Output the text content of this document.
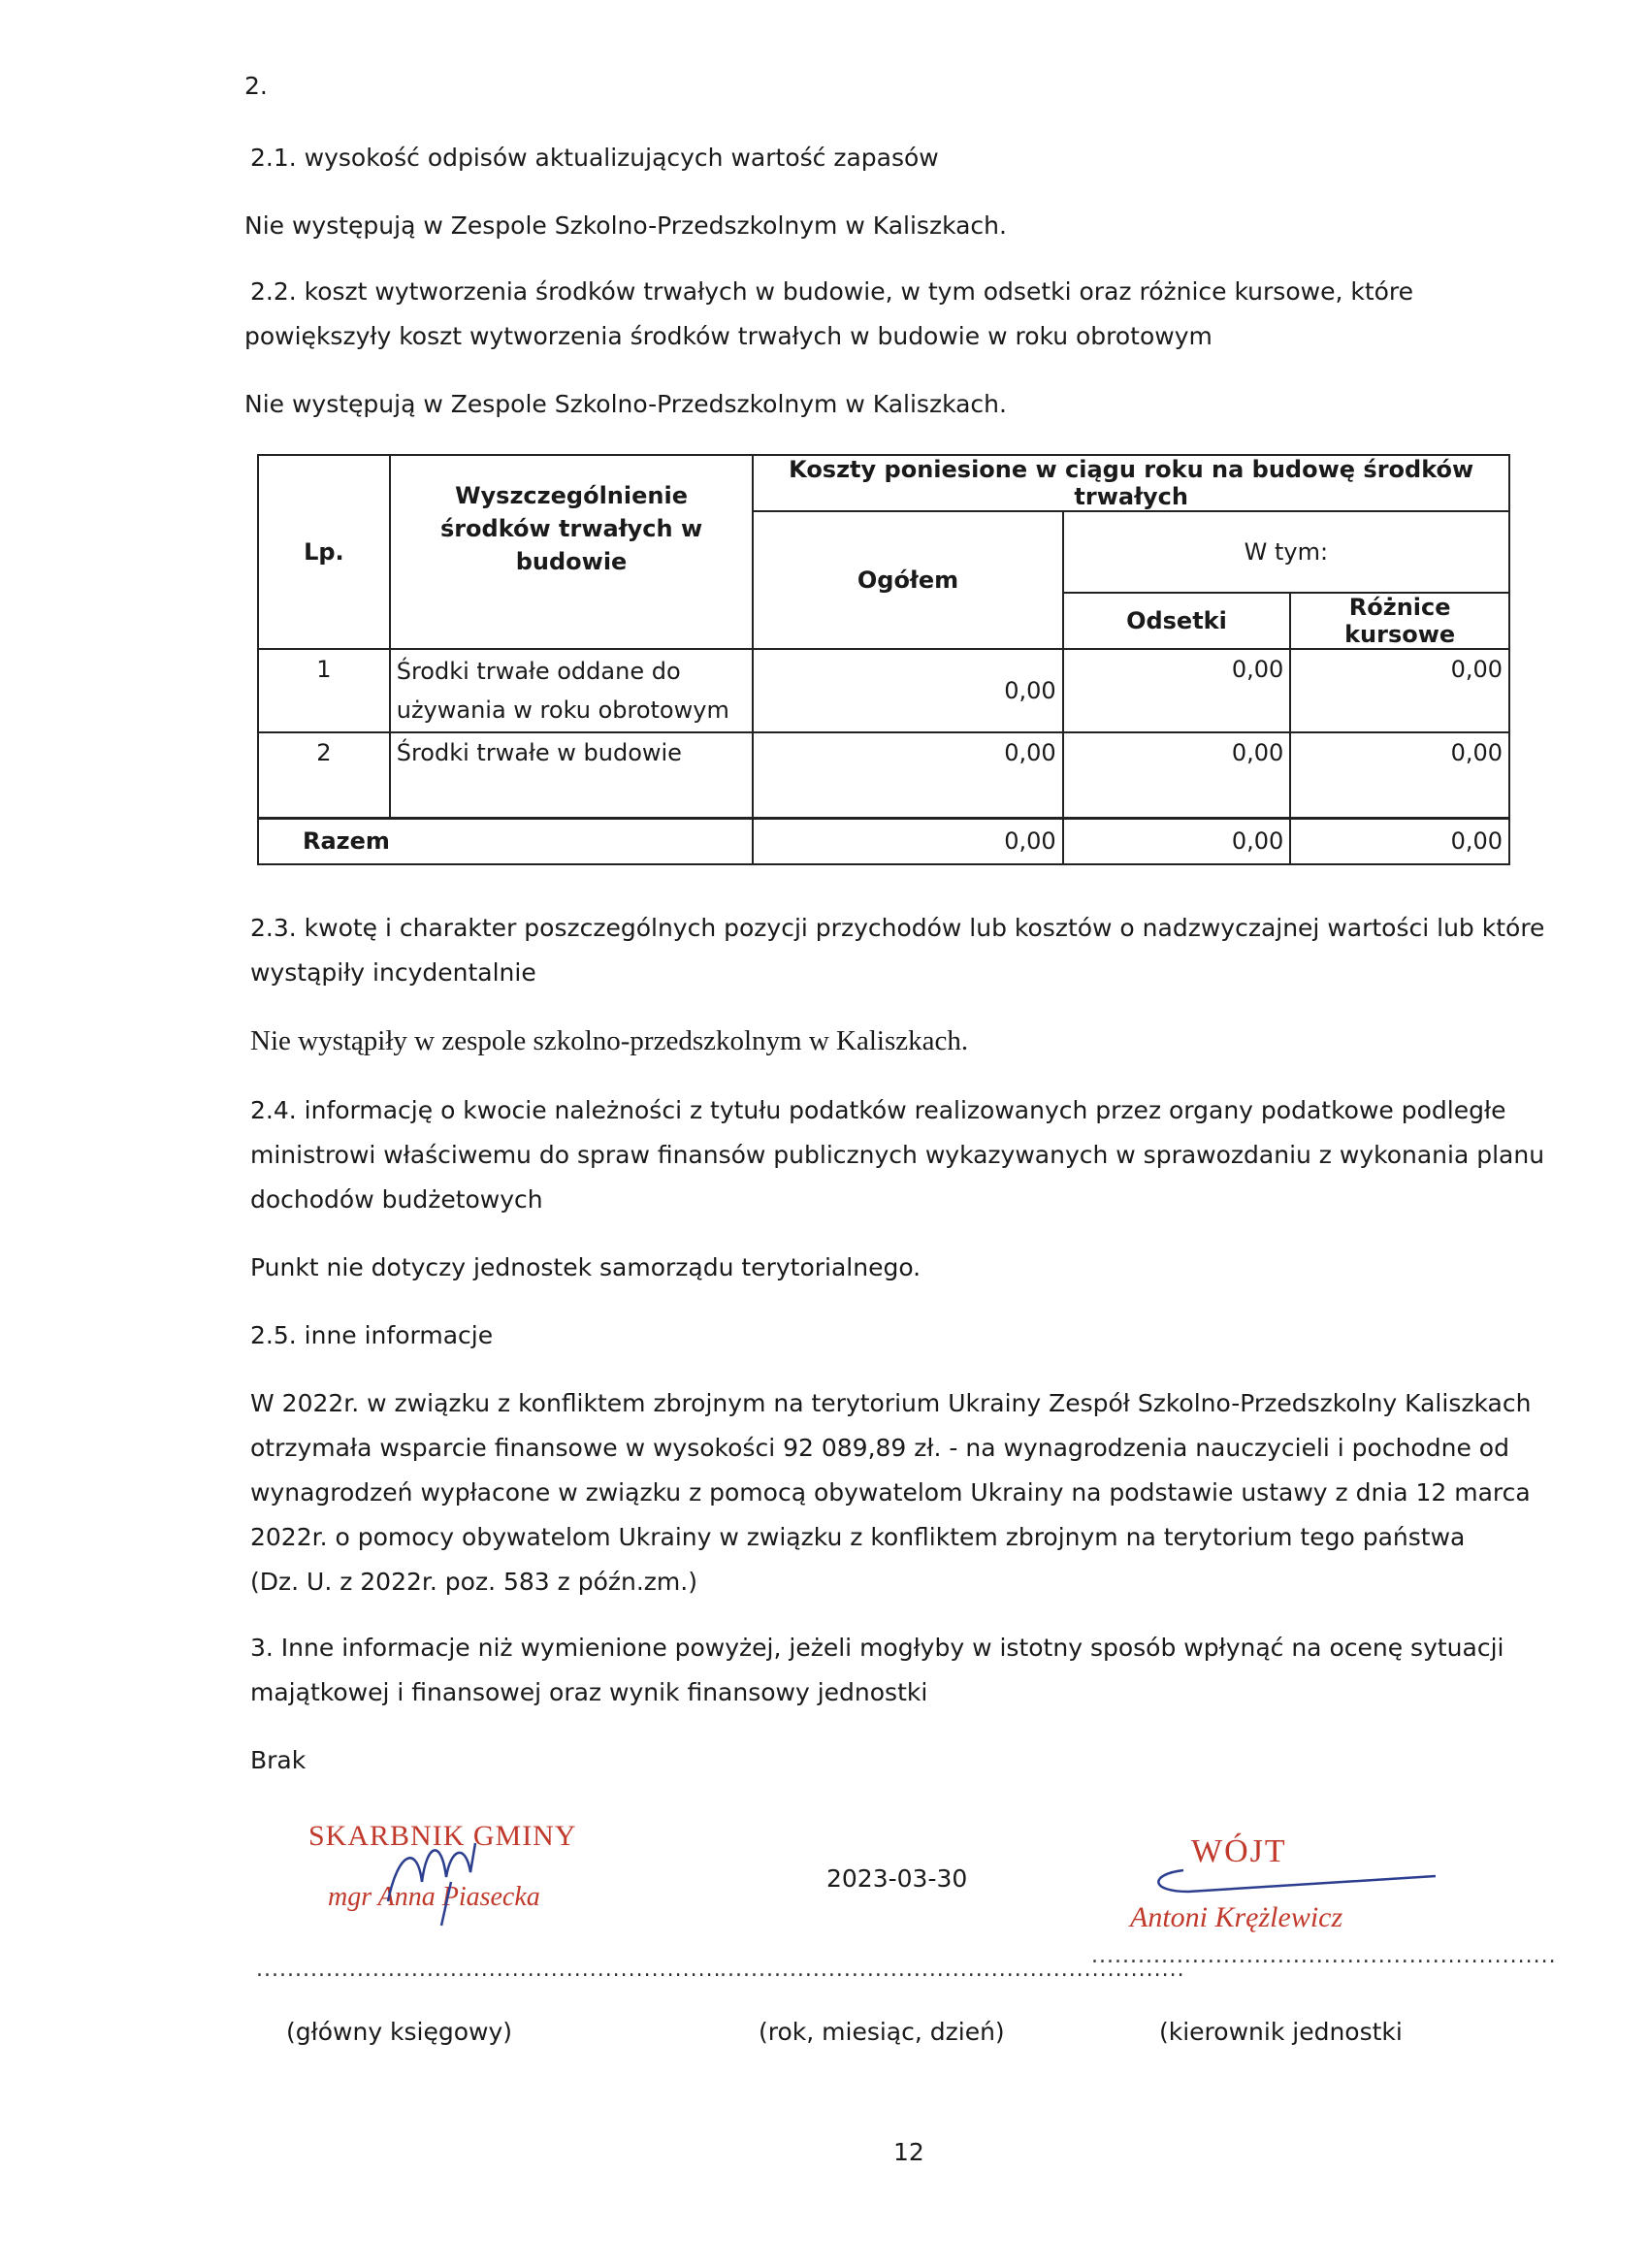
2.
2.1. wysokość odpisów aktualizujących wartość zapasów
Nie występują w Zespole Szkolno-Przedszkolnym w Kaliszkach.
2.2. koszt wytworzenia środków trwałych w budowie, w tym odsetki oraz różnice kursowe, które
powiększyły koszt wytworzenia środków trwałych w budowie w roku obrotowym
Nie występują w Zespole Szkolno-Przedszkolnym w Kaliszkach.
Lp.	Wyszczególnienie środków trwałych w budowie	Koszty poniesione w ciągu roku na budowę środków trwałych		
		Ogółem	W tym:	
			Odsetki	Różnice kursowe
1	Środki trwałe oddane do używania w roku obrotowym	0,00	0,00	0,00
2	Środki trwałe w budowie	0,00	0,00	0,00
Razem		0,00	0,00	0,00
2.3. kwotę i charakter poszczególnych pozycji przychodów lub kosztów o nadzwyczajnej wartości lub które
wystąpiły incydentalnie
Nie wystąpiły w zespole szkolno-przedszkolnym w Kaliszkach.
2.4. informację o kwocie należności z tytułu podatków realizowanych przez organy podatkowe podległe
ministrowi właściwemu do spraw finansów publicznych wykazywanych w sprawozdaniu z wykonania planu
dochodów budżetowych
Punkt nie dotyczy jednostek samorządu terytorialnego.
2.5. inne informacje
W 2022r. w związku z konfliktem zbrojnym na terytorium Ukrainy Zespół Szkolno-Przedszkolny Kaliszkach
otrzymała wsparcie finansowe w wysokości 92 089,89 zł. - na wynagrodzenia nauczycieli i pochodne od
wynagrodzeń wypłacone w związku z pomocą obywatelom Ukrainy na podstawie ustawy z dnia 12 marca
2022r. o pomocy obywatelom Ukrainy w związku z konfliktem zbrojnym na terytorium tego państwa
(Dz. U. z 2022r. poz. 583 z późn.zm.)
3. Inne informacje niż wymienione powyżej, jeżeli mogłyby w istotny sposób wpłynąć na ocenę sytuacji
majątkowej i finansowej oraz wynik finansowy jednostki
Brak
SKARBNIK GMINY
mgr Anna Piasecka
............................................................
(główny księgowy)
2023-03-30
............................................................
(rok, miesiąc, dzień)
WÓJT
Antoni Krężlewicz
............................................................
(kierownik jednostki
12
